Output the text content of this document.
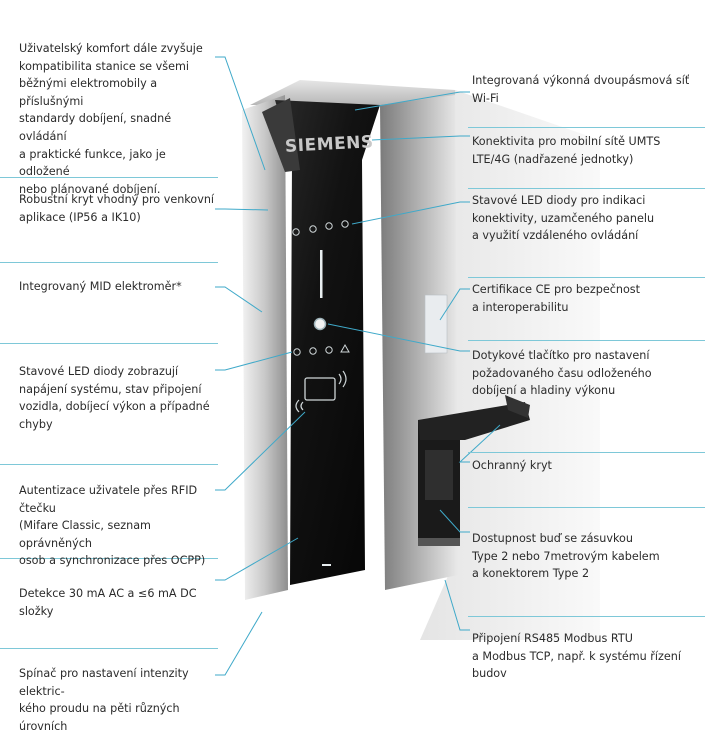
SIEMENS
Uživatelský komfort dále zvyšuje
kompatibilita stanice se všemi
běžnými elektromobily a příslušnými
standardy dobíjení, snadné ovládání
a praktické funkce, jako je odložené
nebo plánované dobíjení.
Robustní kryt vhodný pro venkovní
aplikace (IP56 a IK10)
Integrovaný MID elektroměr*
Stavové LED diody zobrazují
napájení systému, stav připojení
vozidla, dobíjecí výkon a případné
chyby
Autentizace uživatele přes RFID čtečku
(Mifare Classic, seznam oprávněných
osob a synchronizace přes OCPP)
Detekce 30 mA AC a ≤6 mA DC složky
Spínač pro nastavení intenzity elektric-
kého proudu na pěti různých úrovních
Integrovaná výkonná dvoupásmová síť
Wi-Fi
Konektivita pro mobilní sítě UMTS
LTE/4G (nadřazené jednotky)
Stavové LED diody pro indikaci
konektivity, uzamčeného panelu
a využití vzdáleného ovládání
Certifikace CE pro bezpečnost
a interoperabilitu
Dotykové tlačítko pro nastavení
požadovaného času odloženého
dobíjení a hladiny výkonu
Ochranný kryt
Dostupnost buď se zásuvkou
Type 2 nebo 7metrovým kabelem
a konektorem Type 2
Připojení RS485 Modbus RTU
a Modbus TCP, např. k systému řízení
budov
